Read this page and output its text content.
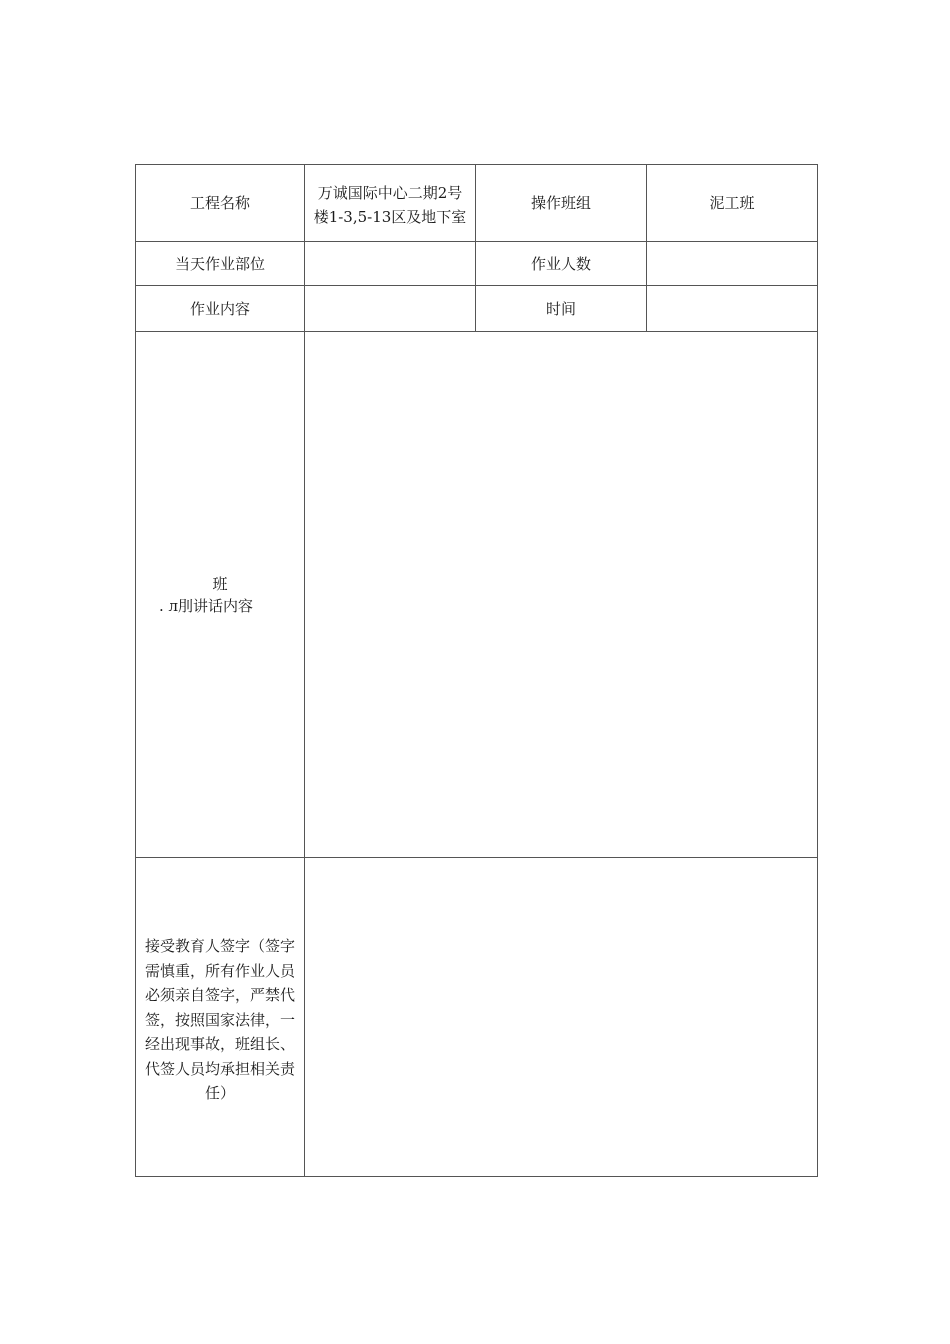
工程名称	万诚国际中心二期2号楼1-3,5-13区及地下室	操作班组	泥工班
当天作业部位		作业人数	
作业内容		时间	

班
. л刖讲话内容			

接受教育人签字（签字需慎重，所有作业人员必须亲自签字，严禁代签，按照国家法律，一经出现事故，班组长、代签人员均承担相关责任）			
